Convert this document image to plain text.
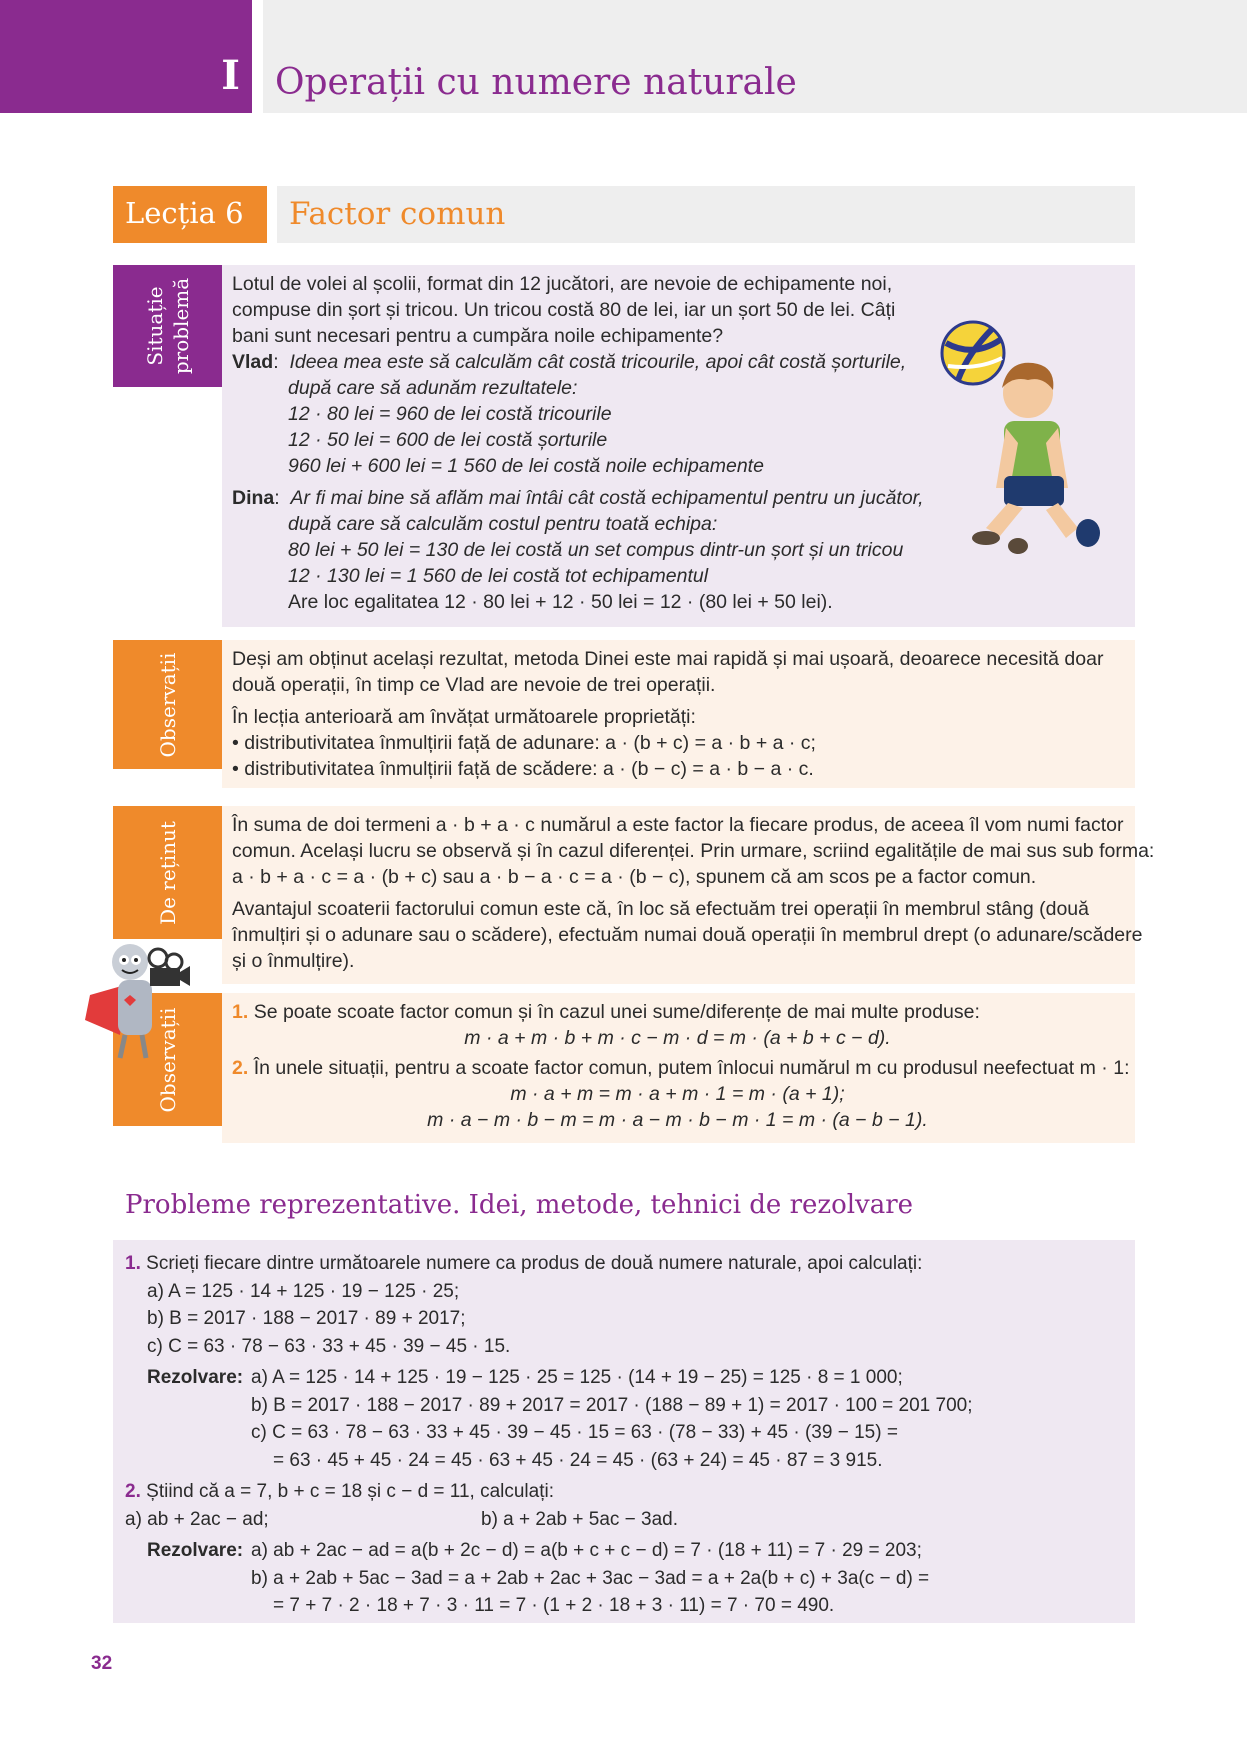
I Operații cu numere naturale
Lecția 6 Factor comun
Situație problemă Lotul de volei al școlii, format din 12 jucători, are nevoie de echipamente noi,
compuse din șort și tricou. Un tricou costă 80 de lei, iar un șort 50 de lei. Câți
bani sunt necesari pentru a cumpăra noile echipamente?
Vlad:  Ideea mea este să calculăm cât costă tricourile, apoi cât costă șorturile,
după care să adunăm rezultatele:
12 · 80 lei = 960 de lei costă tricourile
12 · 50 lei = 600 de lei costă șorturile
960 lei + 600 lei = 1 560 de lei costă noile echipamente
Dina:  Ar fi mai bine să aflăm mai întâi cât costă echipamentul pentru un jucător,
după care să calculăm costul pentru toată echipa:
80 lei + 50 lei = 130 de lei costă un set compus dintr-un șort și un tricou
12 · 130 lei = 1 560 de lei costă tot echipamentul
Are loc egalitatea 12 · 80 lei + 12 · 50 lei = 12 · (80 lei + 50 lei).
Observații	Deși am obținut același rezultat, metoda Dinei este mai rapidă și mai ușoară, deoarece necesită doar
două operații, în timp ce Vlad are nevoie de trei operații.
În lecția anterioară am învățat următoarele proprietăți:
• distributivitatea înmulțirii față de adunare: a · (b + c) = a · b + a · c;
• distributivitatea înmulțirii față de scădere: a · (b − c) = a · b − a · c.
De reținut	În suma de doi termeni a · b + a · c numărul a este factor la fiecare produs, de aceea îl vom numi factor
comun. Același lucru se observă și în cazul diferenței. Prin urmare, scriind egalitățile de mai sus sub forma:
a · b + a · c = a · (b + c) sau a · b − a · c = a · (b − c), spunem că am scos pe a factor comun.
Avantajul scoaterii factorului comun este că, în loc să efectuăm trei operații în membrul stâng (două
înmulțiri și o adunare sau o scădere), efectuăm numai două operații în membrul drept (o adunare/scădere
și o înmulțire).
Observații	1. Se poate scoate factor comun și în cazul unei sume/diferențe de mai multe produse:
m · a + m · b + m · c − m · d = m · (a + b + c − d).
2. În unele situații, pentru a scoate factor comun, putem înlocui numărul m cu produsul neefectuat m · 1:
m · a + m = m · a + m · 1 = m · (a + 1);
m · a − m · b − m = m · a − m · b − m · 1 = m · (a − b − 1).
Probleme reprezentative. Idei, metode, tehnici de rezolvare
1. Scrieți fiecare dintre următoarele numere ca produs de două numere naturale, apoi calculați:
a) A = 125 · 14 + 125 · 19 − 125 · 25;
b) B = 2017 · 188 − 2017 · 89 + 2017;
c) C = 63 · 78 − 63 · 33 + 45 · 39 − 45 · 15.
Rezolvare: a) A = 125 · 14 + 125 · 19 − 125 · 25 = 125 · (14 + 19 − 25) = 125 · 8 = 1 000;
b) B = 2017 · 188 − 2017 · 89 + 2017 = 2017 · (188 − 89 + 1) = 2017 · 100 = 201 700;
c) C = 63 · 78 − 63 · 33 + 45 · 39 − 45 · 15 = 63 · (78 − 33) + 45 · (39 − 15) =
= 63 · 45 + 45 · 24 = 45 · 63 + 45 · 24 = 45 · (63 + 24) = 45 · 87 = 3 915.
2. Știind că a = 7, b + c = 18 și c − d = 11, calculați:
a) ab + 2ac − ad;	b) a + 2ab + 5ac − 3ad.
Rezolvare: a) ab + 2ac − ad = a(b + 2c − d) = a(b + c + c − d) = 7 · (18 + 11) = 7 · 29 = 203;
b) a + 2ab + 5ac − 3ad = a + 2ab + 2ac + 3ac − 3ad = a + 2a(b + c) + 3a(c − d) =
= 7 + 7 · 2 · 18 + 7 · 3 · 11 = 7 · (1 + 2 · 18 + 3 · 11) = 7 · 70 = 490.
32
